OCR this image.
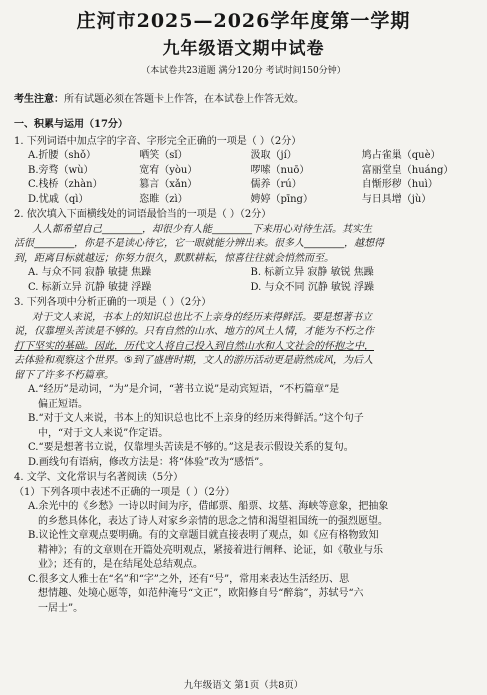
庄河市2025—2026学年度第一学期
九年级语文期中试卷
（本试卷共23道题 满分120分 考试时间150分钟）
考生注意：所有试题必须在答题卡上作答，在本试卷上作答无效。
一、积累与运用（17分）
1. 下列词语中加点字的字音、字形完全正确的一项是（ ）（2分）
A.折腰（shǒ）	哂笑（sǐ）	汲取（jí）	鸠占雀巢（què）
B.旁骛（wù）	宽宥（yòu）	啰嗦（nuō）	富丽堂皇（huáng）
C.栈桥（zhàn）	篡言（xǎn）	儒养（rú）	自惭形秽（huì）
D.忧戚（qì）	恣睢（zì）	娉婷（pīng）	与日具增（jù）
2. 依次填入下面横线处的词语最恰当的一项是（ ）（2分）
人人都希望自己________，却很少有人能________下来用心对待生活。其实生
活很________，你是不是读心待它，它一眼就能分辨出来。很多人________，越想得
到，距离目标就越远；你努力很久，默默耕耘，惊喜往往就会悄然而至。
A. 与众不同 寂静 敏捷 焦躁	B. 标新立异 寂静 敏锐 焦躁
C. 标新立异 沉静 敏捷 浮躁	D. 与众不同 沉静 敏锐 浮躁
3. 下列各项中分析正确的一项是（ ）（2分）
对于文人来说，书本上的知识总也比不上亲身的经历来得鲜活。要是想著书立
说，仅靠埋头苦读是不够的。只有自然的山水、地方的风土人情，才能为不朽之作
打下坚实的基础。因此，历代文人将自己投入到自然山水和人文社会的怀抱之中，
去体验和观察这个世界。⑤到了盛唐时期，文人的游历活动更是蔚然成风，为后人
留下了许多不朽篇章。
A.“经历”是动词，“为”是介词，“著书立说”是动宾短语，“不朽篇章”是
偏正短语。
B.“对于文人来说，书本上的知识总也比不上亲身的经历来得鲜活。”这个句子
中，“对于文人来说”作定语。
C.“要是想著书立说，仅靠埋头苦读是不够的。”这是表示假设关系的复句。
D.画线句有语病，修改方法是：将“体验”改为“感悟”。
4. 文学、文化常识与名著阅读（5分）
（1）下列各项中表述不正确的一项是（ ）（2分）
A.余光中的《乡愁》一诗以时间为序，借邮票、船票、坟墓、海峡等意象，把抽象
的乡愁具体化，表达了诗人对家乡亲情的思念之情和渴望祖国统一的强烈愿望。
B.议论性文章观点要明确。有的文章题目就直接表明了观点，如《应有格物致知
精神》；有的文章则在开篇处亮明观点，紧接着进行阐释、论证，如《敬业与乐
业》；还有的，是在结尾处总结观点。
C.很多文人雅士在“名”和“字”之外，还有“号”，常用来表达生活经历、思
想情趣、处境心愿等，如范仲淹号“文正”，欧阳修自号“醉翁”，苏轼号“六
一居士”。
九年级语文 第1页（共8页）
